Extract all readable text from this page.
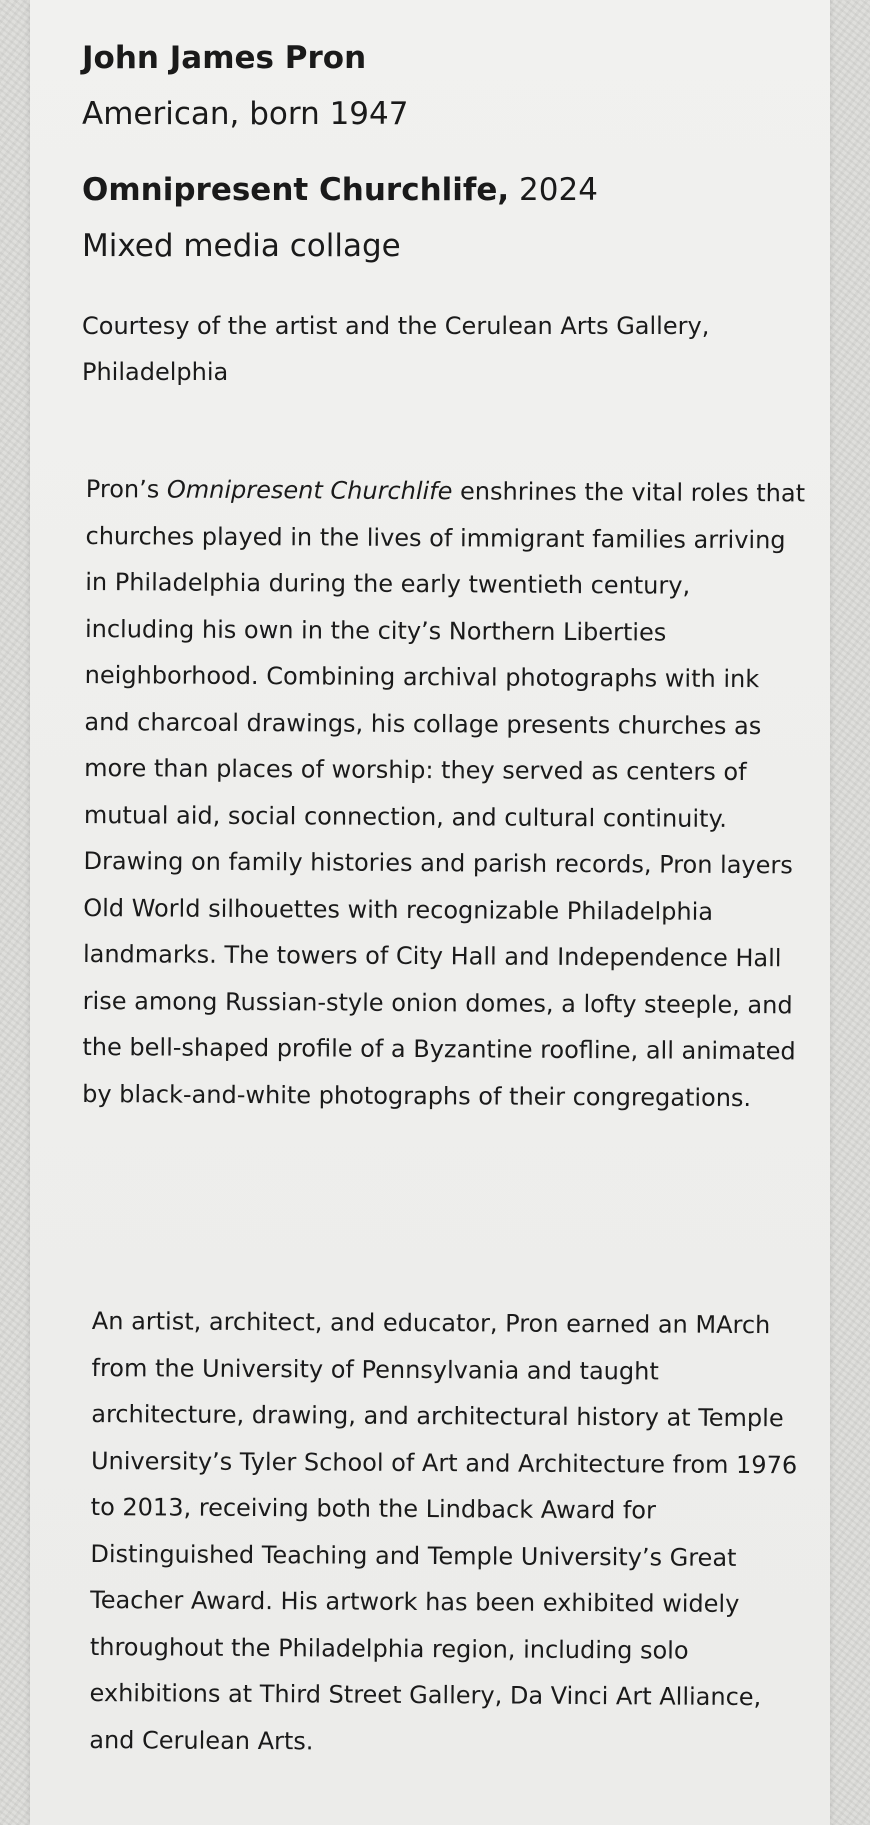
John James Pron

American, born 1947

Omnipresent Churchlife, 2024

Mixed media collage

Courtesy of the artist and the Cerulean Arts Gallery, Philadelphia

Pron’s Omnipresent Churchlife enshrines the vital roles that churches played in the lives of immigrant families arriving in Philadelphia during the early twentieth century, including his own in the city’s Northern Liberties neighborhood. Combining archival photographs with ink and charcoal drawings, his collage presents churches as more than places of worship: they served as centers of mutual aid, social connection, and cultural continuity. Drawing on family histories and parish records, Pron layers Old World silhouettes with recognizable Philadelphia landmarks. The towers of City Hall and Independence Hall rise among Russian-style onion domes, a lofty steeple, and the bell-shaped profile of a Byzantine roofline, all animated by black-and-white photographs of their congregations.

An artist, architect, and educator, Pron earned an MArch from the University of Pennsylvania and taught architecture, drawing, and architectural history at Temple University’s Tyler School of Art and Architecture from 1976 to 2013, receiving both the Lindback Award for Distinguished Teaching and Temple University’s Great Teacher Award. His artwork has been exhibited widely throughout the Philadelphia region, including solo exhibitions at Third Street Gallery, Da Vinci Art Alliance, and Cerulean Arts.
